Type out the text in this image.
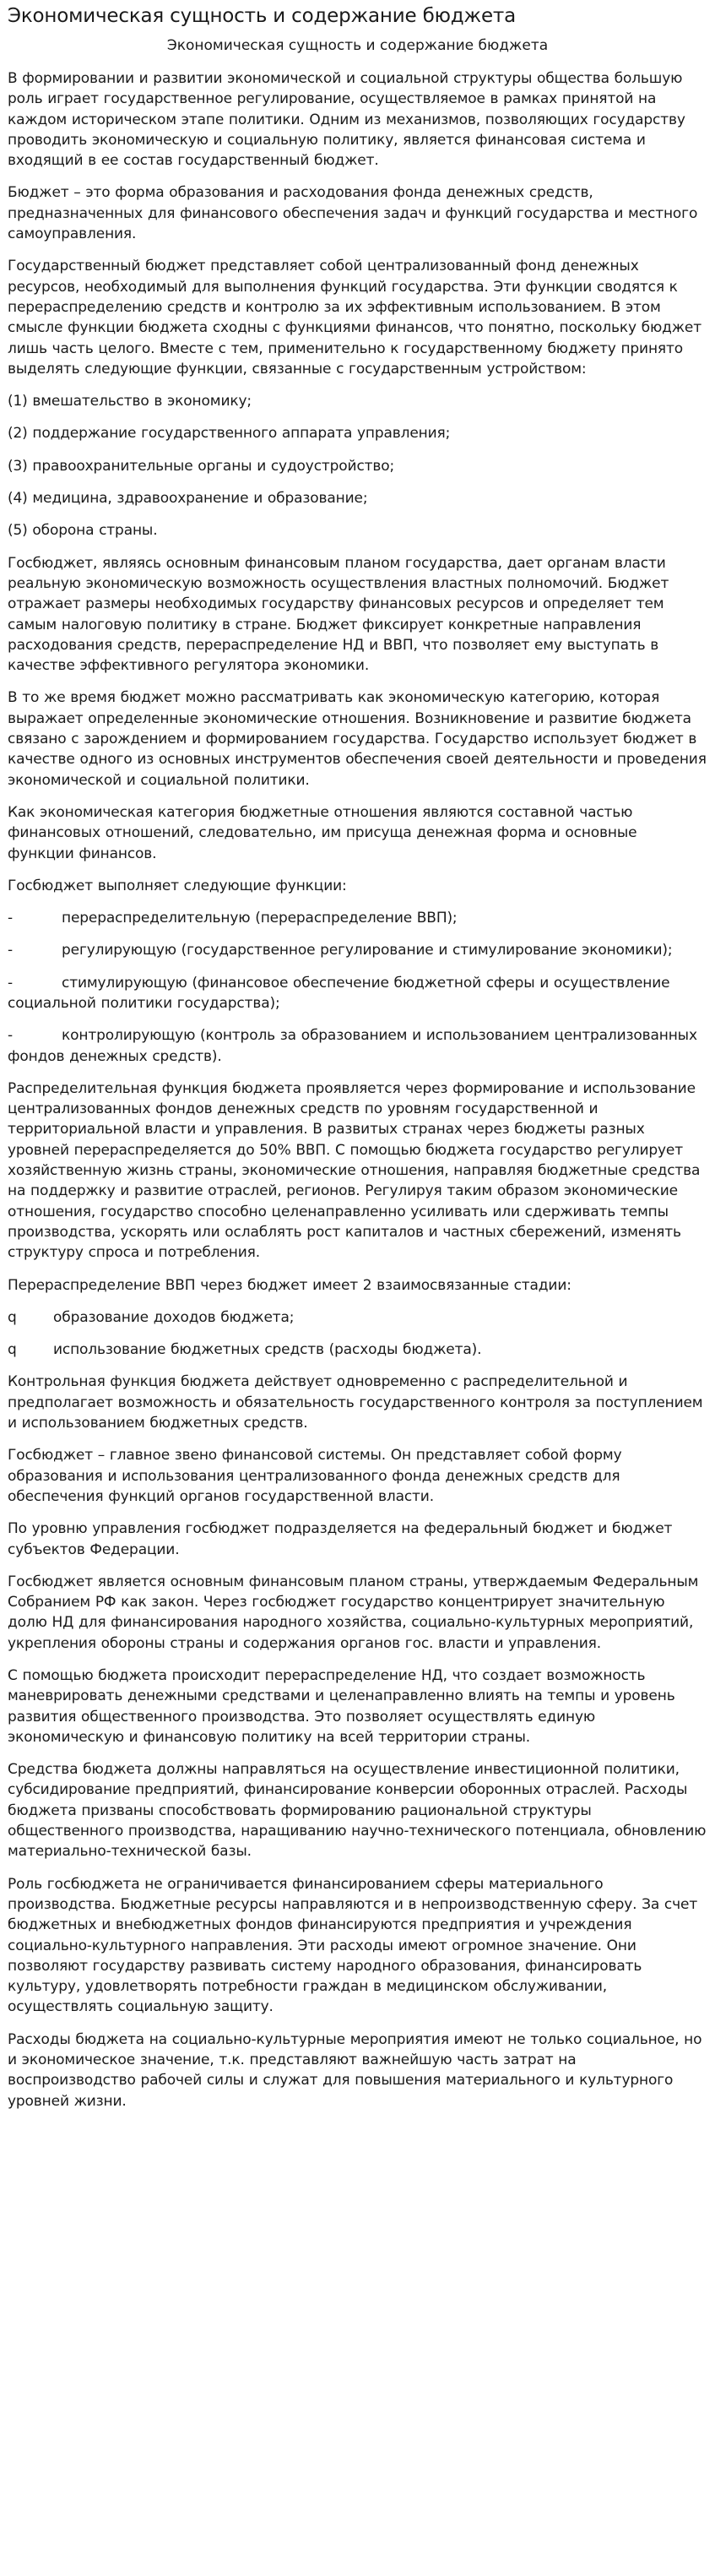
Экономическая сущность и содержание бюджета
Экономическая сущность и содержание бюджета

В формировании и развитии экономической и социальной структуры общества большую роль играет государственное регулирование, осуществляемое в рамках принятой на каждом историческом этапе политики. Одним из механизмов, позволяющих государству проводить экономическую и социальную политику, является финансовая система и входящий в ее состав государственный бюджет.

Бюджет – это форма образования и расходования фонда денежных средств, предназначенных для финансового обеспечения задач и функций государства и местного самоуправления.

Государственный бюджет представляет собой централизованный фонд денежных ресурсов, необходимый для выполнения функций государства. Эти функции сводятся к перераспределению средств и контролю за их эффективным использованием. В этом смысле функции бюджета сходны с функциями финансов, что понятно, поскольку бюджет лишь часть целого. Вместе с тем, применительно к государственному бюджету принято выделять следующие функции, связанные с государственным устройством:

(1) вмешательство в экономику;

(2) поддержание государственного аппарата управления;

(3) правоохранительные органы и судоустройство;

(4) медицина, здравоохранение и образование;

(5) оборона страны.

Госбюджет, являясь основным финансовым планом государства, дает органам власти реальную экономическую возможность осуществления властных полномочий. Бюджет отражает размеры необходимых государству финансовых ресурсов и определяет тем самым налоговую политику в стране. Бюджет фиксирует конкретные направления расходования средств, перераспределение НД и ВВП, что позволяет ему выступать в качестве эффективного регулятора экономики.

В то же время бюджет можно рассматривать как экономическую категорию, которая выражает определенные экономические отношения. Возникновение и развитие бюджета связано с зарождением и формированием государства. Государство использует бюджет в качестве одного из основных инструментов обеспечения своей деятельности и проведения экономической и социальной политики.

Как экономическая категория бюджетные отношения являются составной частью финансовых отношений, следовательно, им присуща денежная форма и основные функции финансов.

Госбюджет выполняет следующие функции:

-	перераспределительную (перераспределение ВВП);

-	регулирующую (государственное регулирование и стимулирование экономики);

-	стимулирующую (финансовое обеспечение бюджетной сферы и осуществление социальной политики государства);

-	контролирующую (контроль за образованием и использованием централизованных фондов денежных средств).

Распределительная функция бюджета проявляется через формирование и использование централизованных фондов денежных средств по уровням государственной и территориальной власти и управления. В развитых странах через бюджеты разных уровней перераспределяется до 50% ВВП. С помощью бюджета государство регулирует хозяйственную жизнь страны, экономические отношения, направляя бюджетные средства на поддержку и развитие отраслей, регионов. Регулируя таким образом экономические отношения, государство способно целенаправленно усиливать или сдерживать темпы производства, ускорять или ослаблять рост капиталов и частных сбережений, изменять структуру спроса и потребления.

Перераспределение ВВП через бюджет имеет 2 взаимосвязанные стадии:

q	образование доходов бюджета;

q	использование бюджетных средств (расходы бюджета).

Контрольная функция бюджета действует одновременно с распределительной и предполагает возможность и обязательность государственного контроля за поступлением и использованием бюджетных средств.

Госбюджет – главное звено финансовой системы. Он представляет собой форму образования и использования централизованного фонда денежных средств для обеспечения функций органов государственной власти.

По уровню управления госбюджет подразделяется на федеральный бюджет и бюджет субъектов Федерации.

Госбюджет является основным финансовым планом страны, утверждаемым Федеральным Собранием РФ как закон. Через госбюджет государство концентрирует значительную долю НД для финансирования народного хозяйства, социально-культурных мероприятий, укрепления обороны страны и содержания органов гос. власти и управления.

С помощью бюджета происходит перераспределение НД, что создает возможность маневрировать денежными средствами и целенаправленно влиять на темпы и уровень развития общественного производства. Это позволяет осуществлять единую экономическую и финансовую политику на всей территории страны.

Средства бюджета должны направляться на осуществление инвестиционной политики, субсидирование предприятий, финансирование конверсии оборонных отраслей. Расходы бюджета призваны способствовать формированию рациональной структуры общественного производства, наращиванию научно-технического потенциала, обновлению материально-технической базы.

Роль госбюджета не ограничивается финансированием сферы материального производства. Бюджетные ресурсы направляются и в непроизводственную сферу. За счет бюджетных и внебюджетных фондов финансируются предприятия и учреждения социально-культурного направления. Эти расходы имеют огромное значение. Они позволяют государству развивать систему народного образования, финансировать культуру, удовлетворять потребности граждан в медицинском обслуживании, осуществлять социальную защиту.

Расходы бюджета на социально-культурные мероприятия имеют не только социальное, но и экономическое значение, т.к. представляют важнейшую часть затрат на воспроизводство рабочей силы и служат для повышения материального и культурного уровней жизни.
